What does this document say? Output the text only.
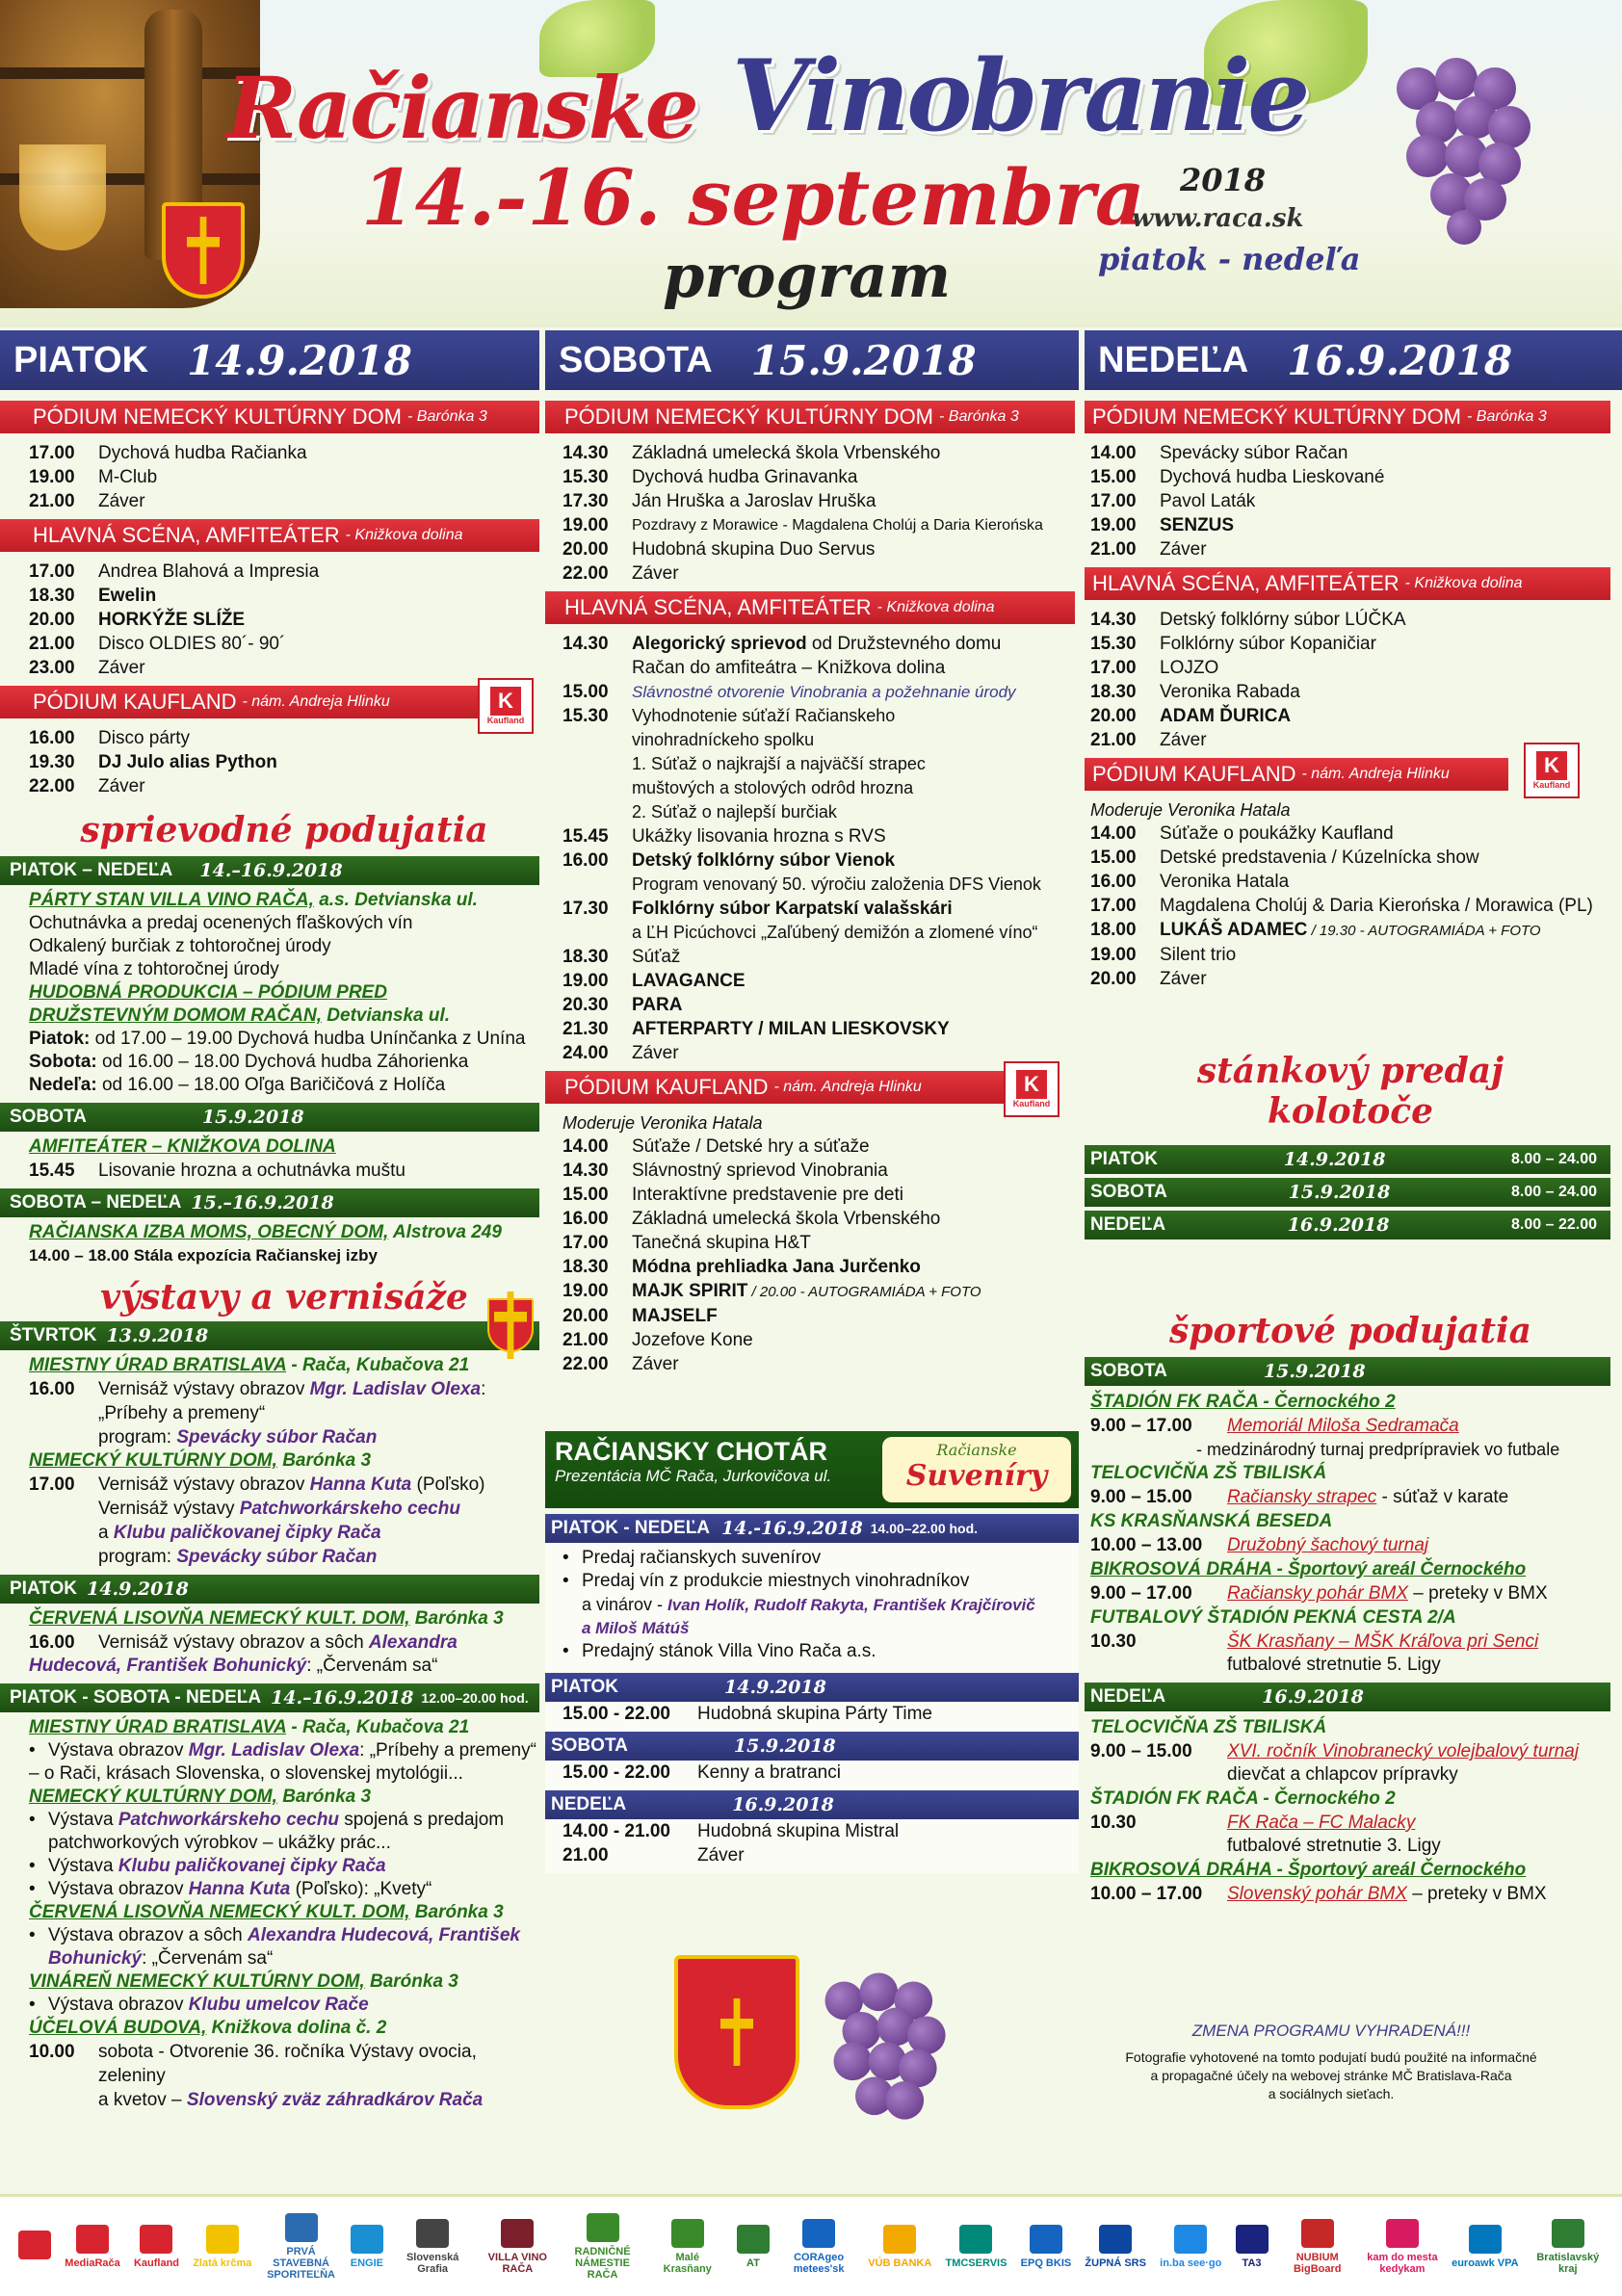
Račianske Vinobranie
14.-16. septembra
program
2018
www.raca.sk
piatok - nedeľa
PIATOK 14.9.2018	SOBOTA 15.9.2018	NEDEĽA 16.9.2018
PÓDIUM NEMECKÝ KULTÚRNY DOM - Barónka 3
17.00	Dychová hudba Račianka
19.00	M-Club
21.00	Záver
HLAVNÁ SCÉNA, AMFITEÁTER - Knižkova dolina
17.00	Andrea Blahová a Impresia
18.30	Ewelin
20.00	HORKÝŽE SLÍŽE
21.00	Disco OLDIES 80´- 90´
23.00	Záver
PÓDIUM KAUFLAND - nám. Andreja Hlinku	K
Kaufland
16.00	Disco párty
19.30	DJ Julo alias Python
22.00	Záver
sprievodné podujatia
PIATOK – NEDEĽA 14.–16.9.2018
PÁRTY STAN VILLA VINO RAČA, a.s. Detvianska ul.
Ochutnávka a predaj ocenených fľaškových vín
Odkalený burčiak z tohtoročnej úrody
Mladé vína z tohtoročnej úrody
HUDOBNÁ PRODUKCIA – PÓDIUM PRED
DRUŽSTEVNÝM DOMOM RAČAN, Detvianska ul.
Piatok: od 17.00 – 19.00 Dychová hudba Unínčanka z Unína
Sobota: od 16.00 – 18.00 Dychová hudba Záhorienka
Nedeľa: od 16.00 – 18.00 Oľga Baričičová z Holíča
SOBOTA	15.9.2018
AMFITEÁTER – KNIŽKOVA DOLINA
15.45	Lisovanie hrozna a ochutnávka muštu
SOBOTA – NEDEĽA 15.–16.9.2018
RAČIANSKA IZBA MOMS, OBECNÝ DOM, Alstrova 249
14.00 – 18.00 Stála expozícia Račianskej izby
výstavy a vernisáže
ŠTVRTOK 13.9.2018
MIESTNY ÚRAD BRATISLAVA - Rača, Kubačova 21
16.00	Vernisáž výstavy obrazov Mgr. Ladislav Olexa:
„Príbehy a premeny“
program: Spevácky súbor Račan
NEMECKÝ KULTÚRNY DOM, Barónka 3
17.00	Vernisáž výstavy obrazov Hanna Kuta (Poľsko)
Vernisáž výstavy Patchworkárskeho cechu
a Klubu paličkovanej čipky Rača
program: Spevácky súbor Račan
PIATOK 14.9.2018
ČERVENÁ LISOVŇA NEMECKÝ KULT. DOM, Barónka 3
16.00	Vernisáž výstavy obrazov a sôch Alexandra
Hudecová, František Bohunický: „Červenám sa“
PIATOK - SOBOTA - NEDEĽA 14.–16.9.2018 12.00–20.00 hod.
MIESTNY ÚRAD BRATISLAVA - Rača, Kubačova 21
• Výstava obrazov Mgr. Ladislav Olexa: „Príbehy a premeny“
– o Rači, krásach Slovenska, o slovenskej mytológii...
NEMECKÝ KULTÚRNY DOM, Barónka 3
• Výstava Patchworkárskeho cechu spojená s predajom
patchworkových výrobkov – ukážky prác...
• Výstava Klubu paličkovanej čipky Rača
• Výstava obrazov Hanna Kuta (Poľsko): „Kvety“
ČERVENÁ LISOVŇA NEMECKÝ KULT. DOM, Barónka 3
• Výstava obrazov a sôch Alexandra Hudecová, František
Bohunický: „Červenám sa“
VINÁREŇ NEMECKÝ KULTÚRNY DOM, Barónka 3
• Výstava obrazov Klubu umelcov Rače
ÚČELOVÁ BUDOVA, Knižkova dolina č. 2
10.00	sobota - Otvorenie 36. ročníka Výstavy ovocia, zeleniny
a kvetov – Slovenský zväz záhradkárov Rača
PÓDIUM NEMECKÝ KULTÚRNY DOM - Barónka 3
14.30	Základná umelecká škola Vrbenského
15.30	Dychová hudba Grinavanka
17.30	Ján Hruška a Jaroslav Hruška
19.00	Pozdravy z Morawice - Magdalena Cholúj a Daria Kierońska
20.00	Hudobná skupina Duo Servus
22.00	Záver
HLAVNÁ SCÉNA, AMFITEÁTER - Knižkova dolina
14.30	Alegorický sprievod od Družstevného domu
Račan do amfiteátra – Knižkova dolina
15.00	Slávnostné otvorenie Vinobrania a požehnanie úrody
15.30	Vyhodnotenie súťaží Račianskeho
vinohradníckeho spolku
1. Súťaž o najkrajší a najväčší strapec
muštových a stolových odrôd hrozna
2. Súťaž o najlepší burčiak
15.45	Ukážky lisovania hrozna s RVS
16.00	Detský folklórny súbor Vienok
Program venovaný 50. výročiu založenia DFS Vienok
17.30	Folklórny súbor Karpatskí valašskári
a ĽH Picúchovci „Zaľúbený demižón a zlomené víno“
18.30	Súťaž
19.00	LAVAGANCE
20.30	PARA
21.30	AFTERPARTY / MILAN LIESKOVSKY
24.00	Záver
PÓDIUM KAUFLAND - nám. Andreja Hlinku	K
Kaufland
Moderuje Veronika Hatala
14.00	Súťaže / Detské hry a súťaže
14.30	Slávnostný sprievod Vinobrania
15.00	Interaktívne predstavenie pre deti
16.00	Základná umelecká škola Vrbenského
17.00	Tanečná skupina H&T
18.30	Módna prehliadka Jana Jurčenko
19.00	MAJK SPIRIT / 20.00 - AUTOGRAMIÁDA + FOTO
20.00	MAJSELF
21.00	Jozefove Kone
22.00	Záver
RAČIANSKY CHOTÁR
Prezentácia MČ Rača, Jurkovičova ul.
Račianske
Suveníry
PIATOK - NEDEĽA 14.-16.9.2018 14.00–22.00 hod.
• Predaj račianskych suvenírov
• Predaj vín z produkcie miestnych vinohradníkov
a vinárov - Ivan Holík, Rudolf Rakyta, František Krajčírovič
a Miloš Mátúš
• Predajný stánok Villa Vino Rača a.s.
PIATOK	14.9.2018
15.00 - 22.00	Hudobná skupina Párty Time
SOBOTA	15.9.2018
15.00 - 22.00	Kenny a bratranci
NEDEĽA	16.9.2018
14.00 - 21.00	Hudobná skupina Mistral
21.00	Záver
PÓDIUM NEMECKÝ KULTÚRNY DOM - Barónka 3
14.00	Spevácky súbor Račan
15.00	Dychová hudba Lieskované
17.00	Pavol Laták
19.00	SENZUS
21.00	Záver
HLAVNÁ SCÉNA, AMFITEÁTER - Knižkova dolina
14.30	Detský folklórny súbor LÚČKA
15.30	Folklórny súbor Kopaničiar
17.00	LOJZO
18.30	Veronika Rabada
20.00	ADAM ĎURICA
21.00	Záver
PÓDIUM KAUFLAND - nám. Andreja Hlinku	K
Kaufland
Moderuje Veronika Hatala
14.00	Súťaže o poukážky Kaufland
15.00	Detské predstavenia / Kúzelnícka show
16.00	Veronika Hatala
17.00	Magdalena Cholúj & Daria Kierońska / Morawica (PL)
18.00	LUKÁŠ ADAMEC / 19.30 - AUTOGRAMIÁDA + FOTO
19.00	Silent trio
20.00	Záver
stánkový predaj
kolotoče
PIATOK	14.9.2018	8.00 – 24.00
SOBOTA	15.9.2018	8.00 – 24.00
NEDEĽA	16.9.2018	8.00 – 22.00
športové podujatia
SOBOTA	15.9.2018
ŠTADIÓN FK RAČA - Černockého 2
9.00 – 17.00	Memoriál Miloša Sedramača
- medzinárodný turnaj predprípraviek vo futbale
TELOCVIČŇA ZŠ TBILISKÁ
9.00 – 15.00	Račiansky strapec - súťaž v karate
KS KRASŇANSKÁ BESEDA
10.00 – 13.00	Družobný šachový turnaj
BIKROSOVÁ DRÁHA - Športový areál Černockého
9.00 – 17.00	Račiansky pohár BMX – preteky v BMX
FUTBALOVÝ ŠTADIÓN PEKNÁ CESTA 2/A
10.30	ŠK Krasňany – MŠK Kráľova pri Senci
futbalové stretnutie 5. Ligy
NEDEĽA	16.9.2018
TELOCVIČŇA ZŠ TBILISKÁ
9.00 – 15.00	XVI. ročník Vinobranecký volejbalový turnaj
dievčat a chlapcov prípravky
ŠTADIÓN FK RAČA - Černockého 2
10.30	FK Rača – FC Malacky
futbalové stretnutie 3. Ligy
BIKROSOVÁ DRÁHA - Športový areál Černockého
10.00 – 17.00	Slovenský pohár BMX – preteky v BMX
ZMENA PROGRAMU VYHRADENÁ!!!
Fotografie vyhotovené na tomto podujatí budú použité na informačné
a propagačné účely na webovej stránke MČ Bratislava-Rača
a sociálnych sieťach.
MediaRača Kaufland Zlatá krčma
PRVÁ STAVEBNÁ SPORITEĽŇA
ENGIE	Slovenská Grafia
VILLA VINO RAČA
RADNIČNÉ NÁMESTIE RAČA
Malé Krasňany	AT	CORAgeo metees'sk	VÚB BANKA TMCSERVIS EPQ BKIS ŽUPNÁ SRS in.ba see·go	TA3	NUBIUM BigBoard
kam do mesta kedykam	euroawk VPA	Bratislavský kraj
